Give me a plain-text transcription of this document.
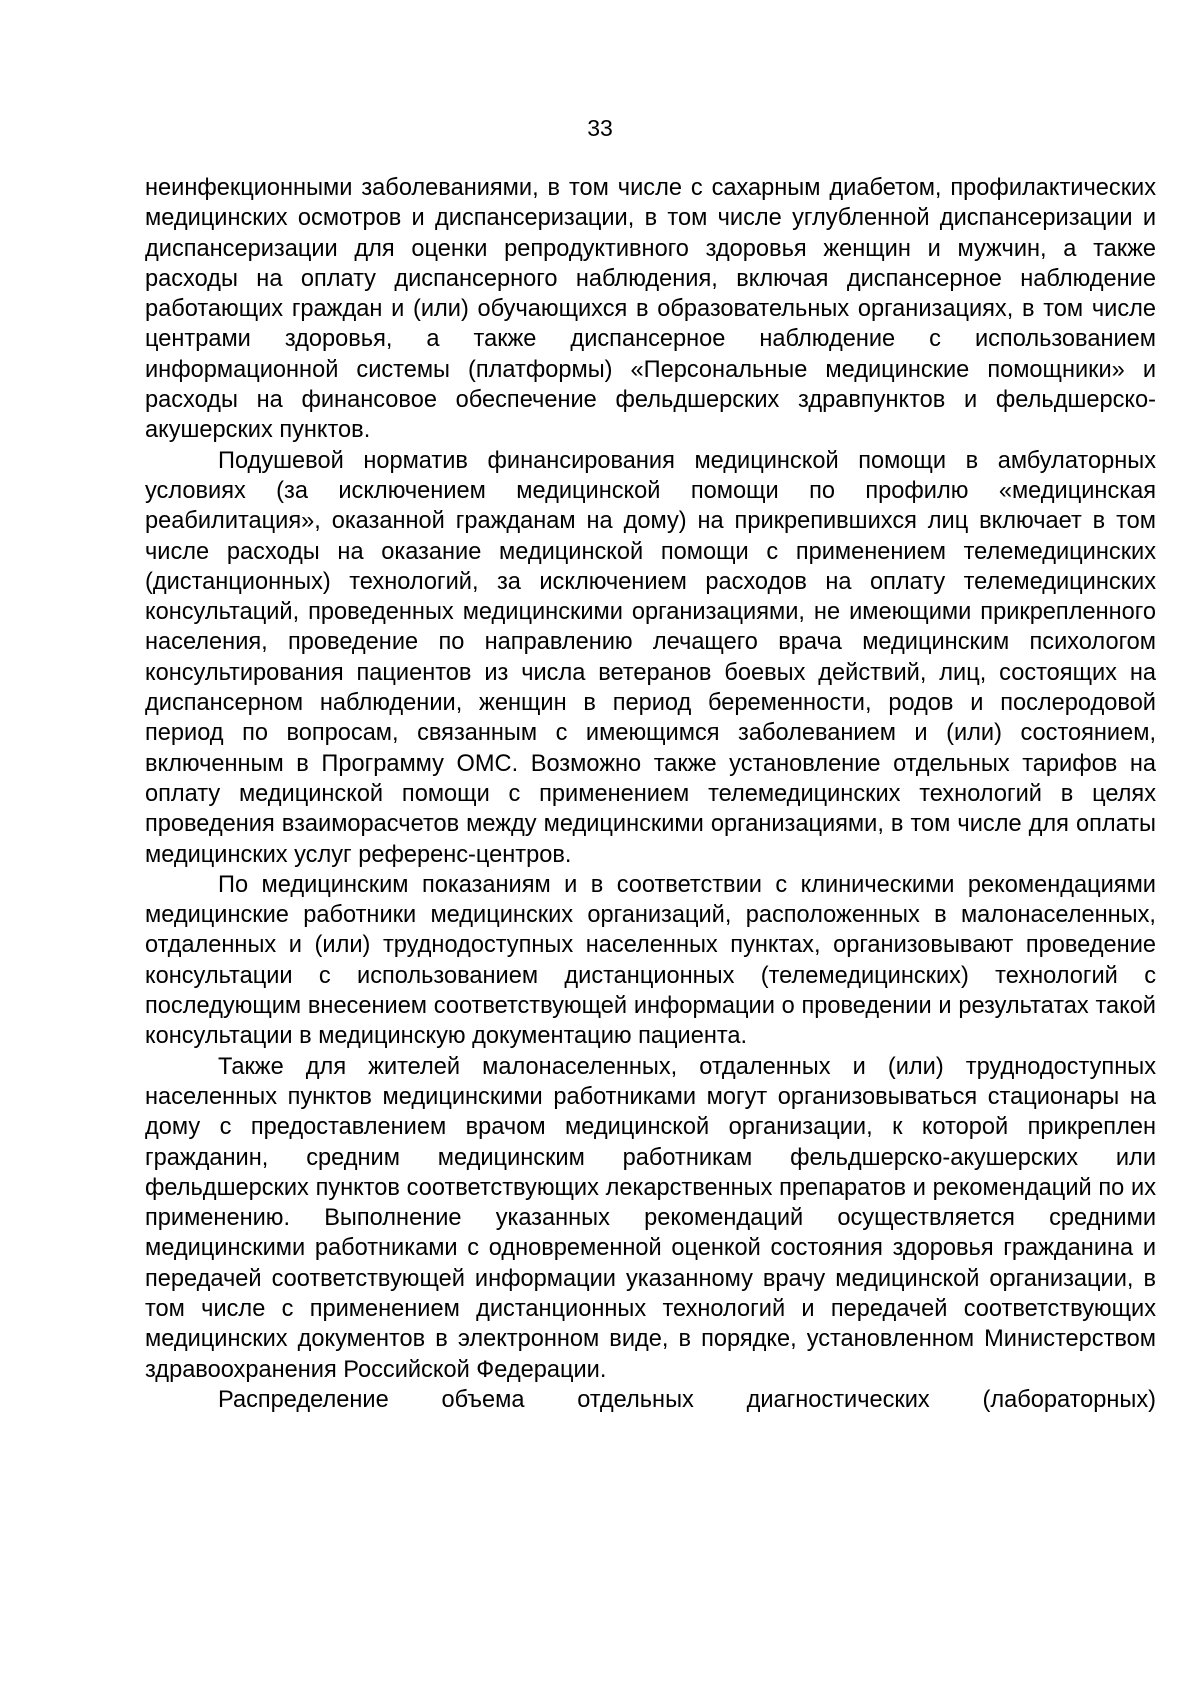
33

неинфекционными заболеваниями, в том числе с сахарным диабетом, профилактических медицинских осмотров и диспансеризации, в том числе углубленной диспансеризации и диспансеризации для оценки репродуктивного здоровья женщин и мужчин, а также расходы на оплату диспансерного наблюдения, включая диспансерное наблюдение работающих граждан и (или) обучающихся в образовательных организациях, в том числе центрами здоровья, а также диспансерное наблюдение с использованием информационной системы (платформы) «Персональные медицинские помощники» и расходы на финансовое обеспечение фельдшерских здравпунктов и фельдшерско-акушерских пунктов.

Подушевой норматив финансирования медицинской помощи в амбулаторных условиях (за исключением медицинской помощи по профилю «медицинская реабилитация», оказанной гражданам на дому) на прикрепившихся лиц включает в том числе расходы на оказание медицинской помощи с применением телемедицинских (дистанционных) технологий, за исключением расходов на оплату телемедицинских консультаций, проведенных медицинскими организациями, не имеющими прикрепленного населения, проведение по направлению лечащего врача медицинским психологом консультирования пациентов из числа ветеранов боевых действий, лиц, состоящих на диспансерном наблюдении, женщин в период беременности, родов и послеродовой период по вопросам, связанным с имеющимся заболеванием и (или) состоянием, включенным в Программу ОМС. Возможно также установление отдельных тарифов на оплату медицинской помощи с применением телемедицинских технологий в целях проведения взаиморасчетов между медицинскими организациями, в том числе для оплаты медицинских услуг референс-центров.

По медицинским показаниям и в соответствии с клиническими рекомендациями медицинские работники медицинских организаций, расположенных в малонаселенных, отдаленных и (или) труднодоступных населенных пунктах, организовывают проведение консультации с использованием дистанционных (телемедицинских) технологий с последующим внесением соответствующей информации о проведении и результатах такой консультации в медицинскую документацию пациента.

Также для жителей малонаселенных, отдаленных и (или) труднодоступных населенных пунктов медицинскими работниками могут организовываться стационары на дому с предоставлением врачом медицинской организации, к которой прикреплен гражданин, средним медицинским работникам фельдшерско-акушерских или фельдшерских пунктов соответствующих лекарственных препаратов и рекомендаций по их применению. Выполнение указанных рекомендаций осуществляется средними медицинскими работниками с одновременной оценкой состояния здоровья гражданина и передачей соответствующей информации указанному врачу медицинской организации, в том числе с применением дистанционных технологий и передачей соответствующих медицинских документов в электронном виде, в порядке, установленном Министерством здравоохранения Российской Федерации.

Распределение объема отдельных диагностических (лабораторных)
